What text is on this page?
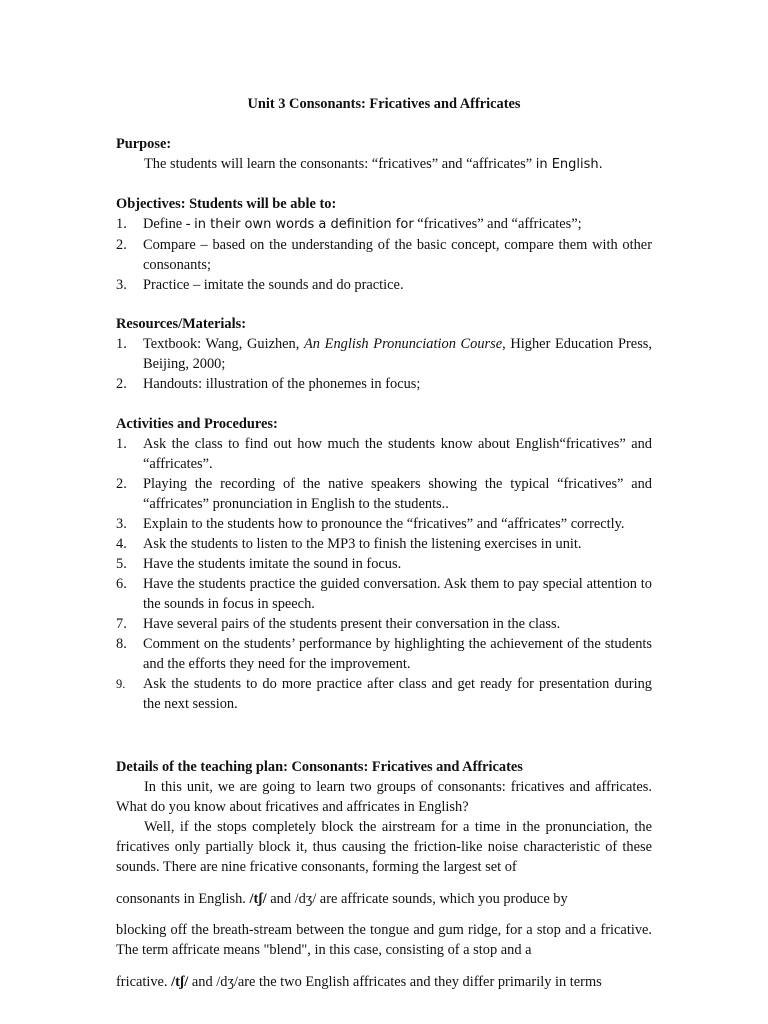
Unit 3 Consonants: Fricatives and Affricates

Purpose:

The students will learn the consonants: “fricatives” and “affricates” in English.

Objectives: Students will be able to:

1. Define - in their own words a definition for “fricatives” and “affricates”;
2. Compare – based on the understanding of the basic concept, compare them with other consonants;
3. Practice – imitate the sounds and do practice.

Resources/Materials:

1. Textbook: Wang, Guizhen, An English Pronunciation Course, Higher Education Press, Beijing, 2000;
2. Handouts: illustration of the phonemes in focus;

Activities and Procedures:

1. Ask the class to find out how much the students know about English“fricatives” and “affricates”.
2. Playing the recording of the native speakers showing the typical “fricatives” and “affricates” pronunciation in English to the students..
3. Explain to the students how to pronounce the “fricatives” and “affricates” correctly.
4. Ask the students to listen to the MP3 to finish the listening exercises in unit.
5. Have the students imitate the sound in focus.
6. Have the students practice the guided conversation. Ask them to pay special attention to the sounds in focus in speech.
7. Have several pairs of the students present their conversation in the class.
8. Comment on the students’ performance by highlighting the achievement of the students and the efforts they need for the improvement.
9. Ask the students to do more practice after class and get ready for presentation during the next session.

Details of the teaching plan: Consonants: Fricatives and Affricates

In this unit, we are going to learn two groups of consonants: fricatives and affricates. What do you know about fricatives and affricates in English?

Well, if the stops completely block the airstream for a time in the pronunciation, the fricatives only partially block it, thus causing the friction-like noise characteristic of these sounds. There are nine fricative consonants, forming the largest set of

consonants in English. /tʃ/ and /dʒ/ are affricate sounds, which you produce by

blocking off the breath-stream between the tongue and gum ridge, for a stop and a fricative. The term affricate means "blend", in this case, consisting of a stop and a

fricative. /tʃ/ and /dʒ/are the two English affricates and they differ primarily in terms
